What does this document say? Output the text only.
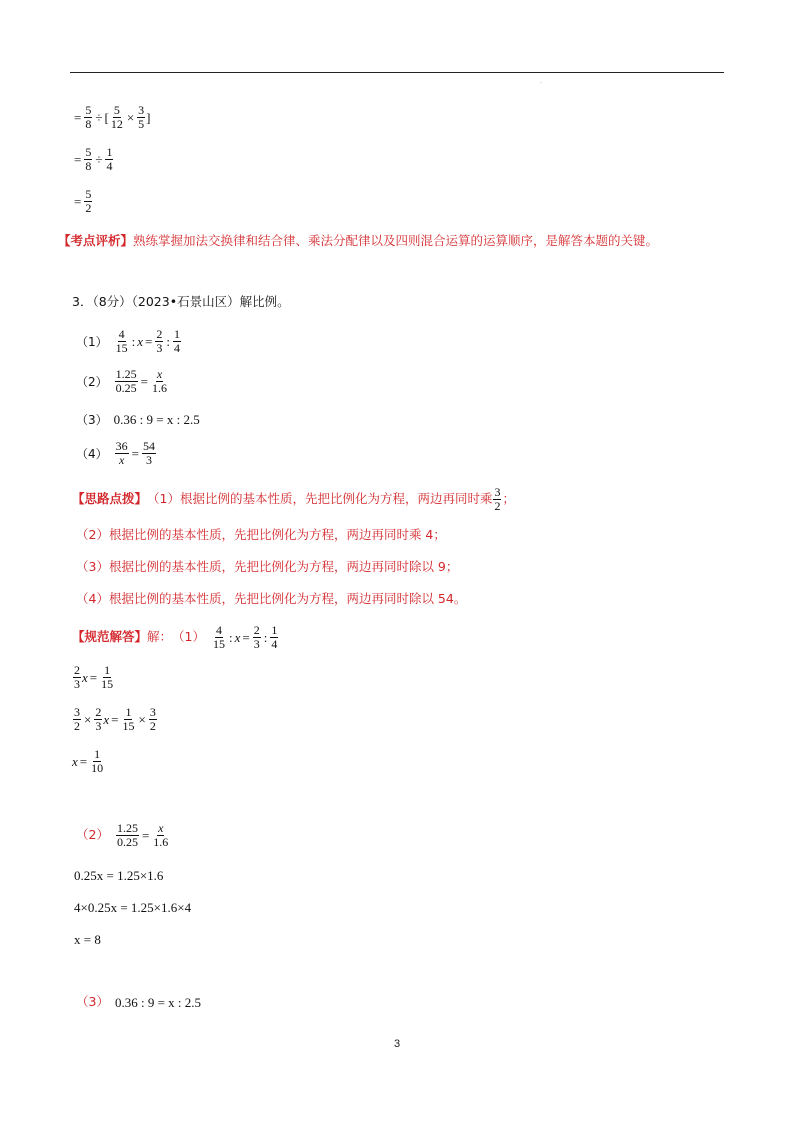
·
= $\frac{5}{8}$ ÷ [ $\frac{5}{12} \times \frac{3}{5}$ ]
= $\frac{5}{8} \div \frac{1}{4}$
= $\frac{5}{2}$
【考点评析】熟练掌握加法交换律和结合律、乘法分配律以及四则混合运算的运算顺序，是解答本题的关键。
3．（8分）（2023•石景山区）解比例。
$(1) \frac{4}{15}$ : $x = \frac{2}{3}$ : $\frac{1}{4}$
$(2) \frac{1.25}{0.25} = \frac{x}{1.6}$
（3） 0.36 : 9 = x : 2.5
$(4) \frac{36}{x} = \frac{54}{3}$
【思路点拨】 （1）根据比例的基本性质，先把比例化为方程，两边再同时乘 $\frac{3}{2}$ ；
（2）根据比例的基本性质，先把比例化为方程，两边再同时乘 4；
（3）根据比例的基本性质，先把比例化为方程，两边再同时除以 9；
（4）根据比例的基本性质，先把比例化为方程，两边再同时除以 54。
【规范解答】 解： $(1) \frac{4}{15}$ : $x = \frac{2}{3}$ : $\frac{1}{4}$
$\frac{2}{3}$ $x = \frac{1}{15}$
$\frac{3}{2} \times \frac{2}{3}$ $x = \frac{1}{15} \times \frac{3}{2}$
$x = \frac{1}{10}$
$(2) \frac{1.25}{0.25} = \frac{x}{1.6}$
0.25x = 1.25×1.6
4×0.25x = 1.25×1.6×4
x = 8
（3） 0.36 : 9 = x : 2.5
3
